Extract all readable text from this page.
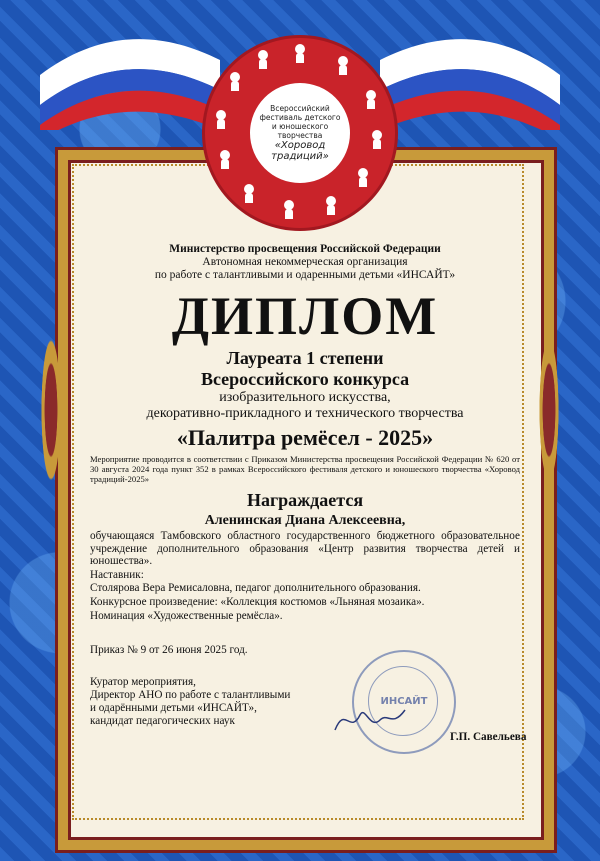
Всероссийский
фестиваль детского
и юношеского
творчества
«Хоровод традиций»
Министерство просвещения Российской Федерации
Автономная некоммерческая организация
по работе с талантливыми и одаренными детьми «ИНСАЙТ»
ДИПЛОМ
Лауреата 1 степени
Всероссийского конкурса
изобразительного искусства,
декоративно-прикладного и технического творчества
«Палитра ремёсел - 2025»
Мероприятие проводится в соответствии с Приказом Министерства просвещения Российской Федерации № 620 от 30 августа 2024 года пункт 352 в рамках Всероссийского фестиваля детского и юношеского творчества «Хоровод традиций-2025»
Награждается
Аленинская Диана Алексеевна,
обучающаяся Тамбовского областного государственного бюджетного образовательное учреждение дополнительного образования «Центр развития творчества детей и юношества».
Наставник:
Столярова Вера Ремисaловна, педагог дополнительного образования.
Конкурсное произведение: «Коллекция костюмов «Льняная мозаика».
Номинация «Художественные ремёсла».
Приказ № 9 от 26 июня 2025 год.
Куратор мероприятия,
Директор АНО по работе с талантливыми
и одарёнными детьми «ИНСАЙТ»,
кандидат педагогических наук
ИНСАЙТ
Г.П. Савельева
